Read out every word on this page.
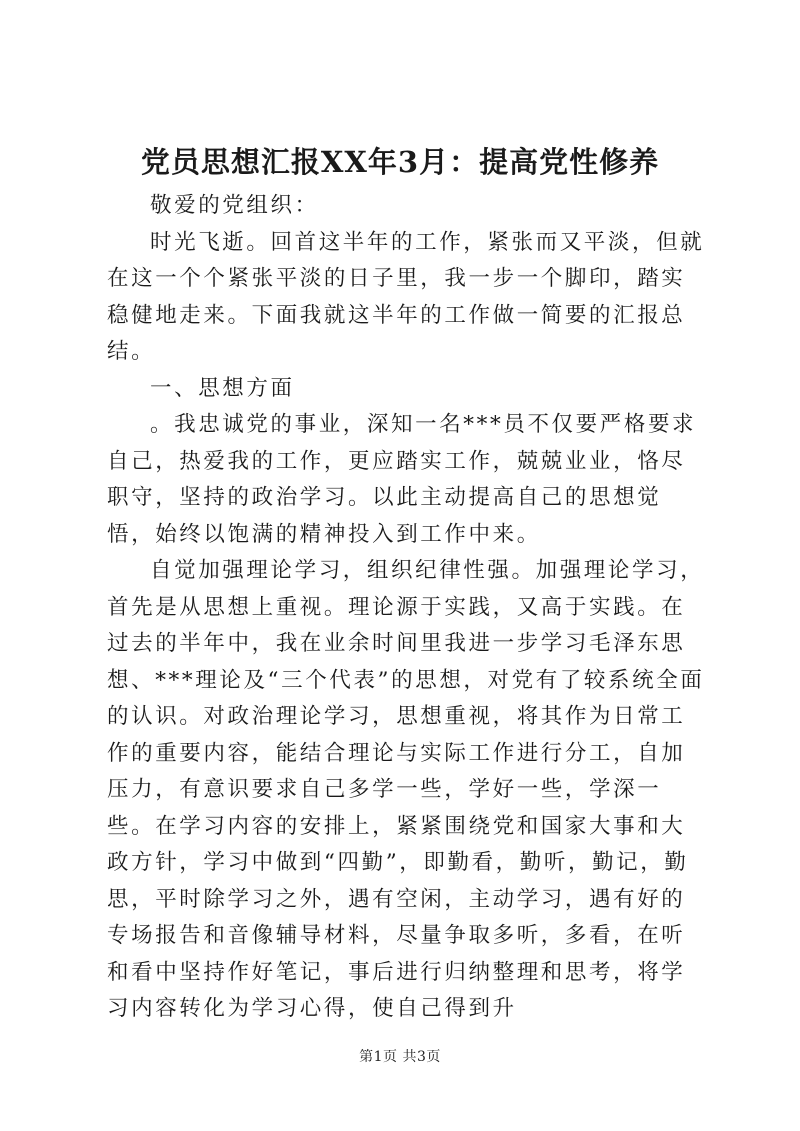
党员思想汇报XX年3月：提高党性修养

敬爱的党组织：

时光飞逝。回首这半年的工作，紧张而又平淡，但就在这一个个紧张平淡的日子里，我一步一个脚印，踏实稳健地走来。下面我就这半年的工作做一简要的汇报总结。

一、思想方面

。我忠诚党的事业，深知一名***员不仅要严格要求自己，热爱我的工作，更应踏实工作，兢兢业业，恪尽职守，坚持的政治学习。以此主动提高自己的思想觉悟，始终以饱满的精神投入到工作中来。

自觉加强理论学习，组织纪律性强。加强理论学习，首先是从思想上重视。理论源于实践，又高于实践。在过去的半年中，我在业余时间里我进一步学习毛泽东思想、***理论及“三个代表”的思想，对党有了较系统全面的认识。对政治理论学习，思想重视，将其作为日常工作的重要内容，能结合理论与实际工作进行分工，自加压力，有意识要求自己多学一些，学好一些，学深一些。在学习内容的安排上，紧紧围绕党和国家大事和大政方针，学习中做到“四勤”，即勤看，勤听，勤记，勤思，平时除学习之外，遇有空闲，主动学习，遇有好的专场报告和音像辅导材料，尽量争取多听，多看，在听和看中坚持作好笔记，事后进行归纳整理和思考，将学习内容转化为学习心得，使自己得到升

第1页 共3页
